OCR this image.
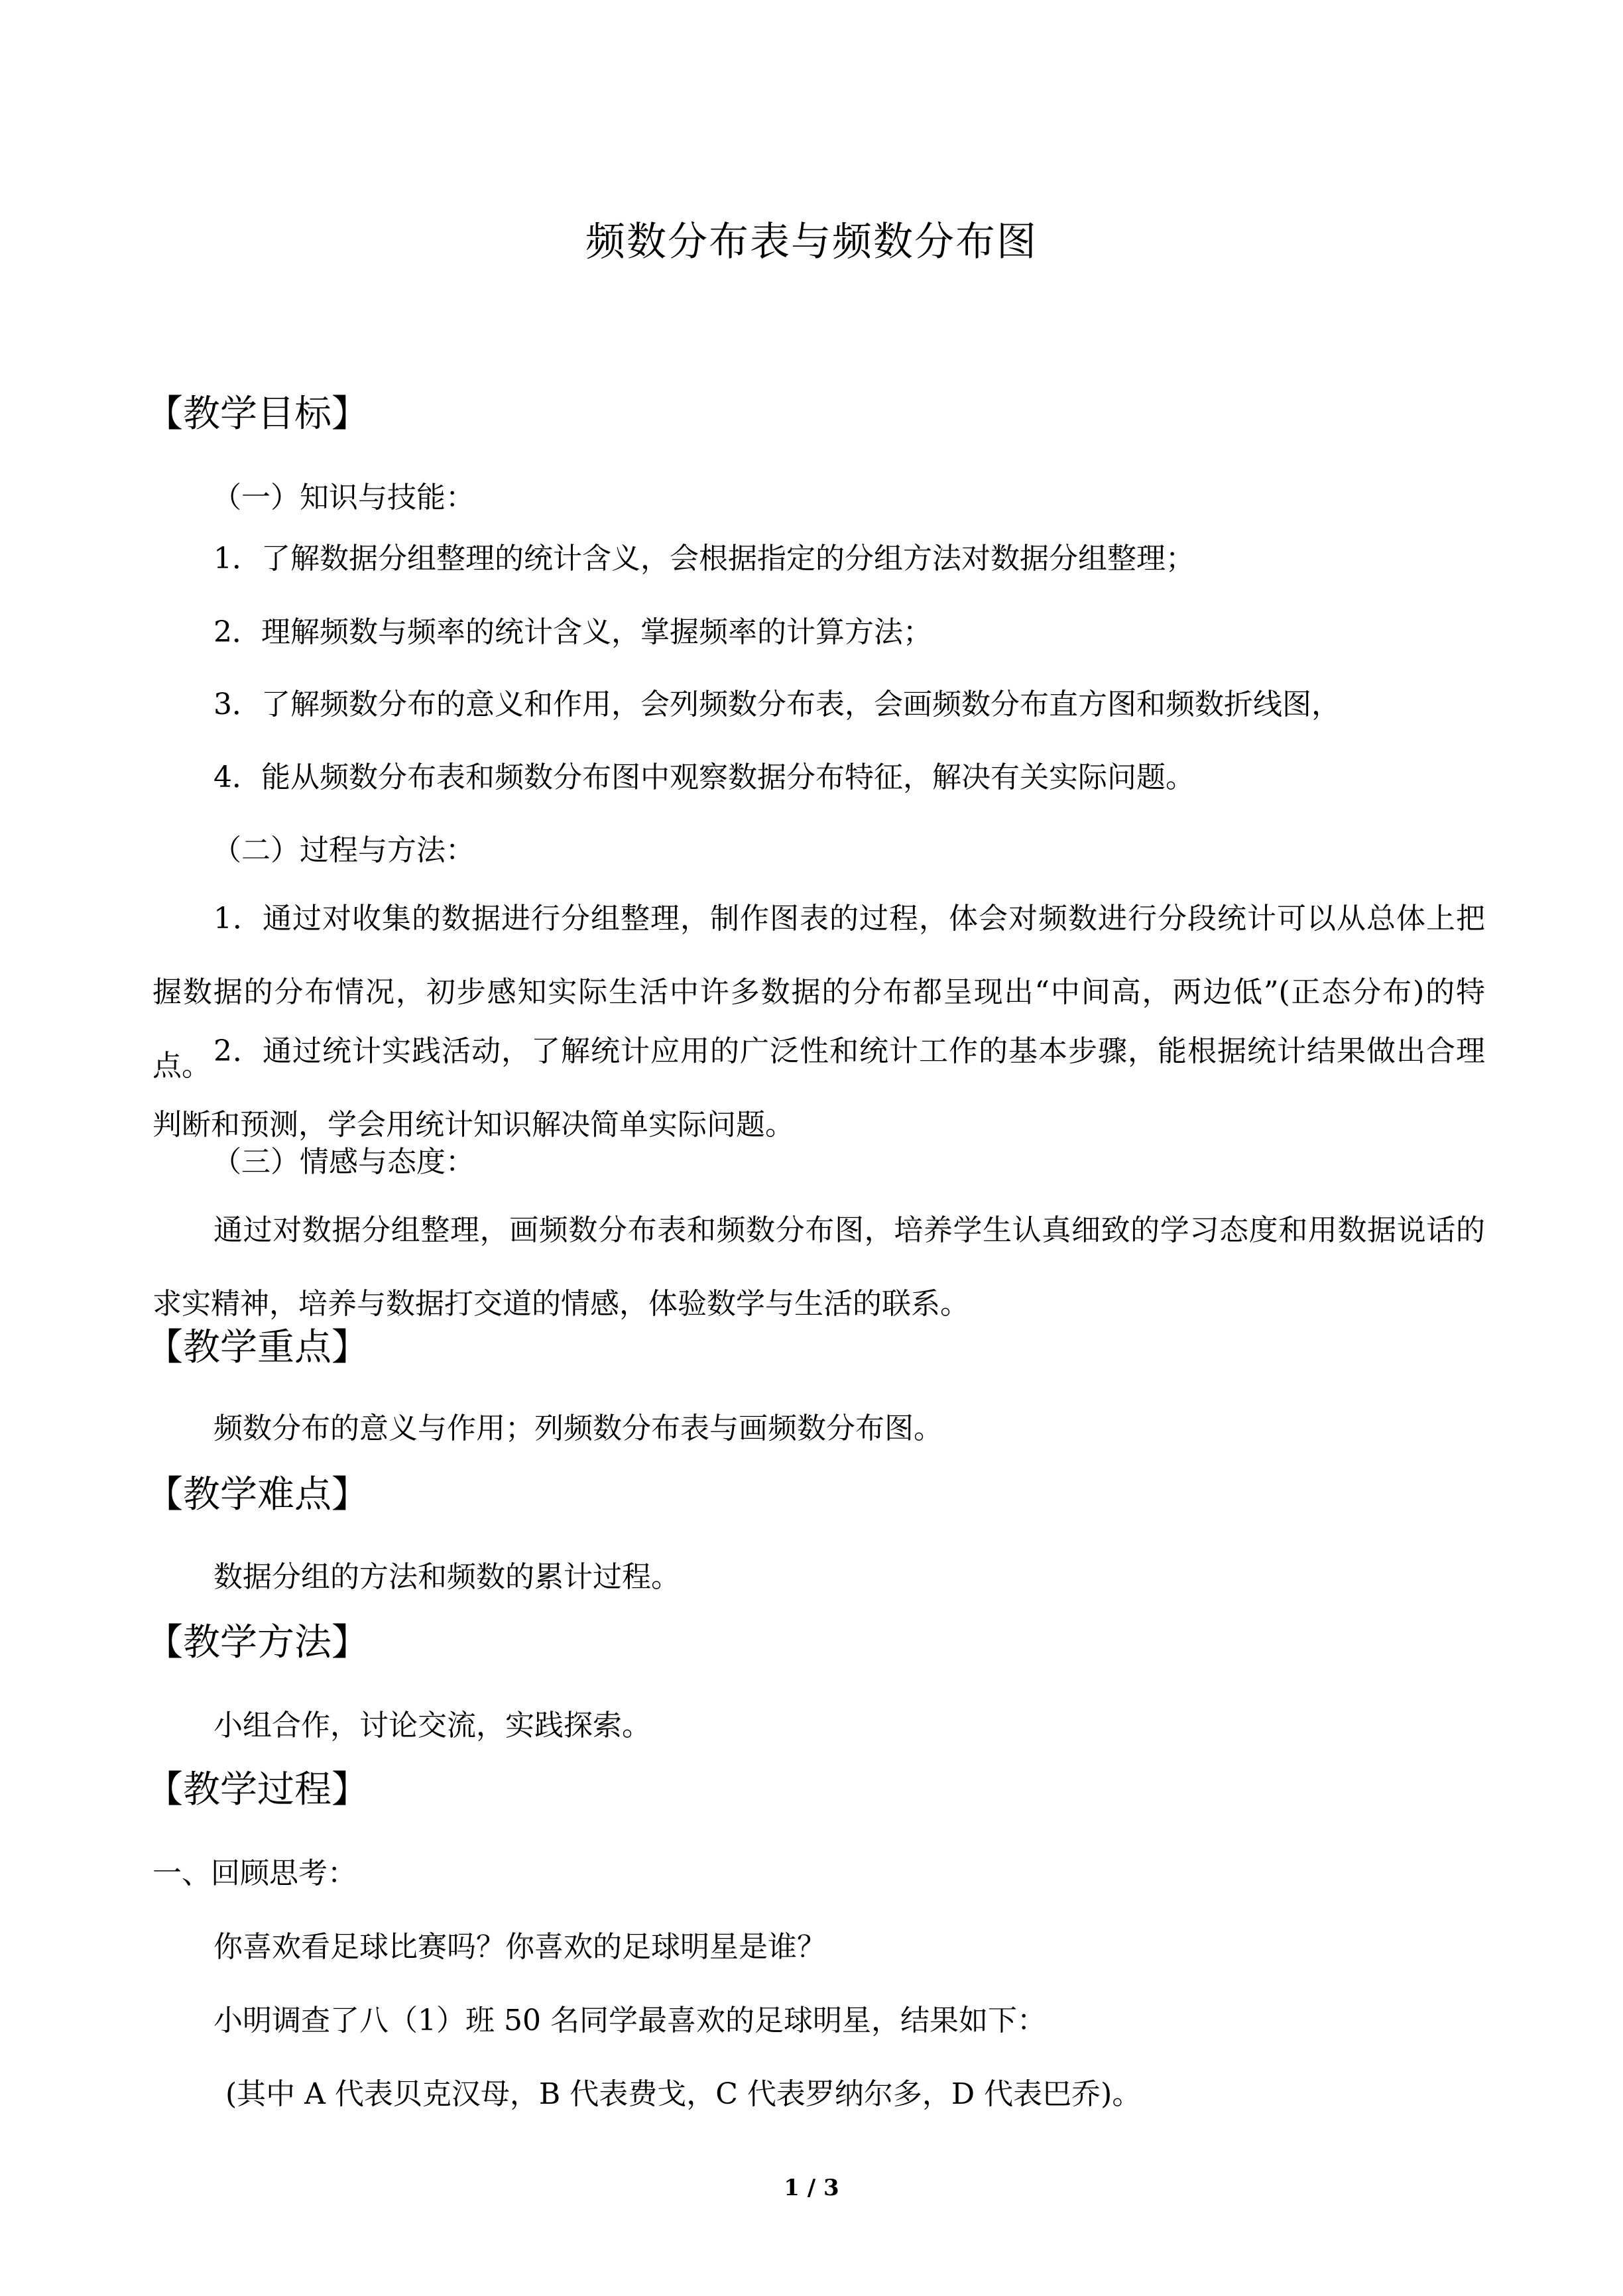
频数分布表与频数分布图
【教学目标】
（一）知识与技能：
1．了解数据分组整理的统计含义，会根据指定的分组方法对数据分组整理；
2．理解频数与频率的统计含义，掌握频率的计算方法；
3．了解频数分布的意义和作用，会列频数分布表，会画频数分布直方图和频数折线图，
4．能从频数分布表和频数分布图中观察数据分布特征，解决有关实际问题。
（二）过程与方法：
1．通过对收集的数据进行分组整理，制作图表的过程，体会对频数进行分段统计可以从总体上把握数据的分布情况，初步感知实际生活中许多数据的分布都呈现出“中间高，两边低”(正态分布)的特点。 2．通过统计实践活动，了解统计应用的广泛性和统计工作的基本步骤，能根据统计结果做出合理判断和预测，学会用统计知识解决简单实际问题。
（三）情感与态度：
通过对数据分组整理，画频数分布表和频数分布图，培养学生认真细致的学习态度和用数据说话的求实精神，培养与数据打交道的情感，体验数学与生活的联系。
【教学重点】
频数分布的意义与作用；列频数分布表与画频数分布图。
【教学难点】
数据分组的方法和频数的累计过程。
【教学方法】
小组合作，讨论交流，实践探索。
【教学过程】
一、回顾思考：
你喜欢看足球比赛吗？你喜欢的足球明星是谁？
小明调查了八（1）班 50 名同学最喜欢的足球明星，结果如下：
(其中 A 代表贝克汉母，B 代表费戈，C 代表罗纳尔多，D 代表巴乔)。
1 / 3
